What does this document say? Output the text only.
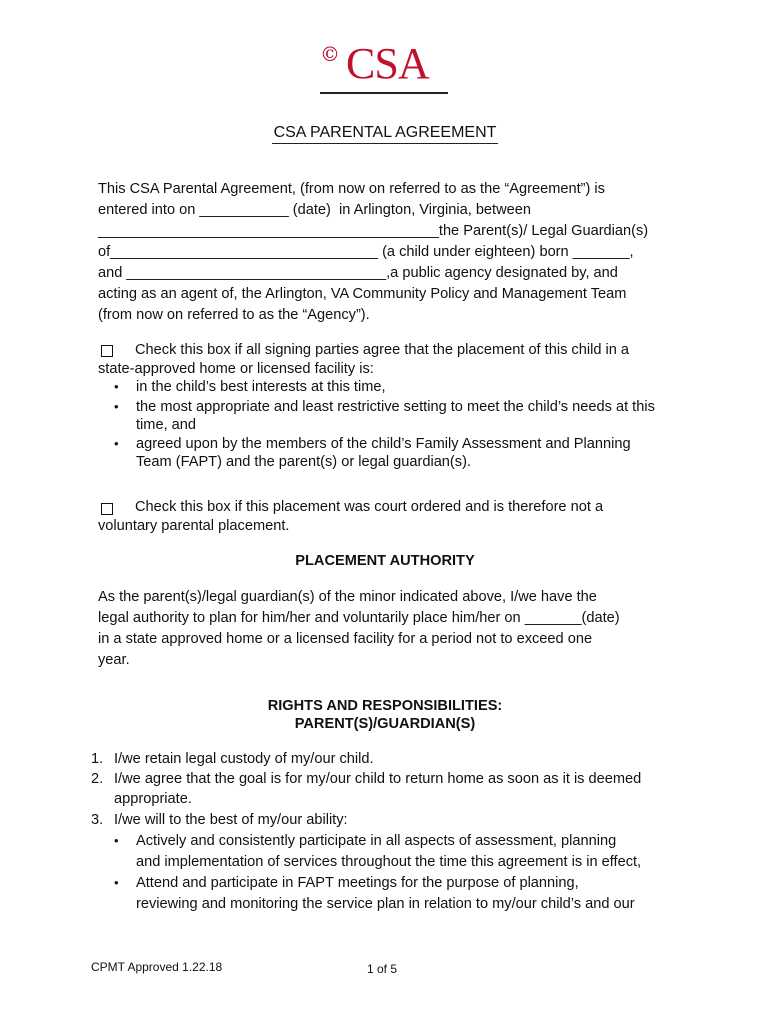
© CSA
CSA PARENTAL AGREEMENT
This CSA Parental Agreement, (from now on referred to as the “Agreement”) is
entered into on ___________ (date)  in Arlington, Virginia, between
__________________________________________the Parent(s)/ Legal Guardian(s)
of_________________________________ (a child under eighteen) born _______,
and ________________________________,a public agency designated by, and
acting as an agent of, the Arlington, VA Community Policy and Management Team
(from now on referred to as the “Agency”).
Check this box if all signing parties agree that the placement of this child in a
state-approved home or licensed facility is:
• in the child’s best interests at this time,
• the most appropriate and least restrictive setting to meet the child’s needs at this
time, and
• agreed upon by the members of the child’s Family Assessment and Planning
Team (FAPT) and the parent(s) or legal guardian(s).
Check this box if this placement was court ordered and is therefore not a
voluntary parental placement.
PLACEMENT AUTHORITY
As the parent(s)/legal guardian(s) of the minor indicated above, I/we have the
legal authority to plan for him/her and voluntarily place him/her on _______(date)
in a state approved home or a licensed facility for a period not to exceed one
year.
RIGHTS AND RESPONSIBILITIES:
PARENT(S)/GUARDIAN(S)
1. I/we retain legal custody of my/our child.
2. I/we agree that the goal is for my/our child to return home as soon as it is deemed
appropriate.
3. I/we will to the best of my/our ability:
• Actively and consistently participate in all aspects of assessment, planning
and implementation of services throughout the time this agreement is in effect,
• Attend and participate in FAPT meetings for the purpose of planning,
reviewing and monitoring the service plan in relation to my/our child’s and our
CPMT Approved 1.22.18	1 of 5
